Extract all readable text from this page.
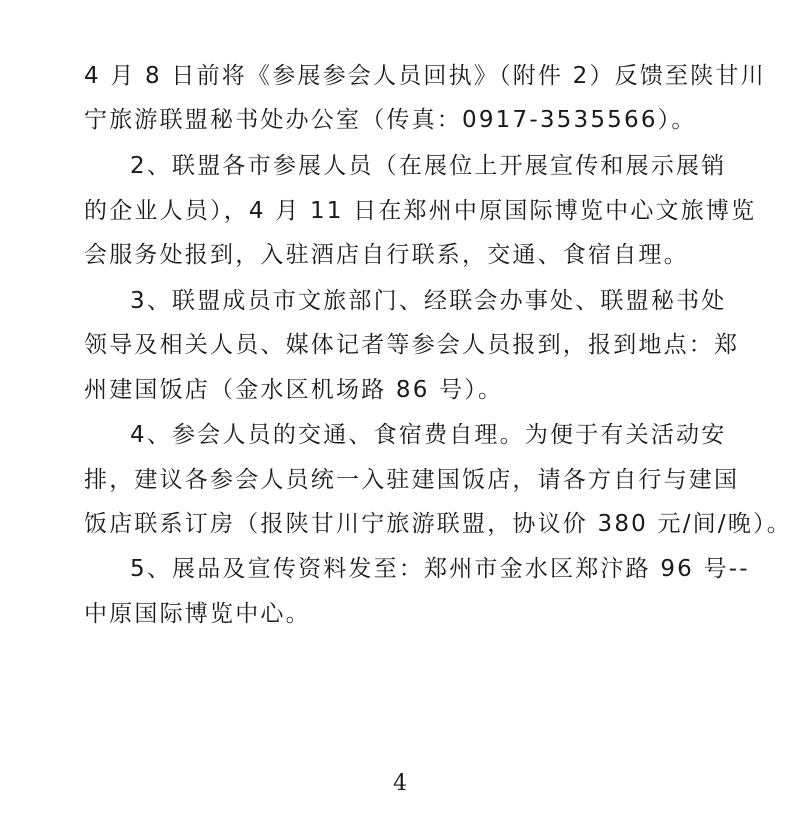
4 月 8 日前将《参展参会人员回执》（附件 2）反馈至陕甘川
宁旅游联盟秘书处办公室（传真：0917-3535566）。
2、联盟各市参展人员（在展位上开展宣传和展示展销
的企业人员），4 月 11 日在郑州中原国际博览中心文旅博览
会服务处报到，入驻酒店自行联系，交通、食宿自理。
3、联盟成员市文旅部门、经联会办事处、联盟秘书处
领导及相关人员、媒体记者等参会人员报到，报到地点：郑
州建国饭店（金水区机场路 86 号）。
4、参会人员的交通、食宿费自理。为便于有关活动安
排，建议各参会人员统一入驻建国饭店，请各方自行与建国
饭店联系订房（报陕甘川宁旅游联盟，协议价 380 元/间/晚）。
5、展品及宣传资料发至：郑州市金水区郑汴路 96 号--
中原国际博览中心。
4
